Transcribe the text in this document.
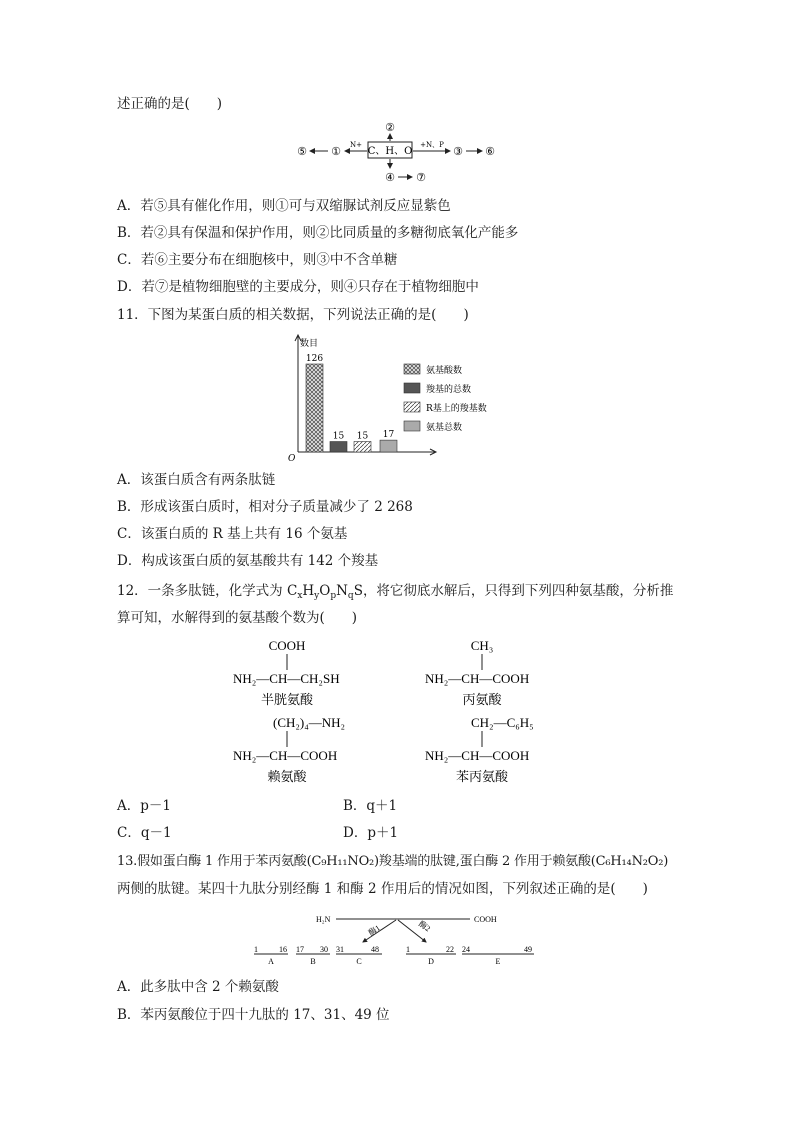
述正确的是(　　)
C、H、O
②
④ ⑦
N+
①
⑤	+N、P ③ ⑥
A．若⑤具有催化作用，则①可与双缩脲试剂反应显紫色
B．若②具有保温和保护作用，则②比同质量的多糖彻底氧化产能多
C．若⑥主要分布在细胞核中，则③中不含单糖
D．若⑦是植物细胞壁的主要成分，则④只存在于植物细胞中
11．下图为某蛋白质的相关数据，下列说法正确的是(　　)
数目
O
126
15 15 17
氨基酸数
羧基的总数
R基上的羧基数
氨基总数
A．该蛋白质含有两条肽链
B．形成该蛋白质时，相对分子质量减少了 2 268
C．该蛋白质的 R 基上共有 16 个氨基
D．构成该蛋白质的氨基酸共有 142 个羧基
12．一条多肽链，化学式为 $C_xH_yO_pN_qS$，将它彻底水解后，只得到下列四种氨基酸，分析推
算可知，水解得到的氨基酸个数为(　　)
COOH
NH₂—CH—CH₂SH
半胱氨酸
CH₃
NH₂—CH—COOH
丙氨酸
(CH₂)₄—NH₂
NH₂—CH—COOH
赖氨酸
CH₂—C₆H₅
NH₂—CH—COOH
苯丙氨酸
A．p－1	B．q＋1
C．q－1	D．p＋1
13.假如蛋白酶 1 作用于苯丙氨酸(C₉H₁₁NO₂)羧基端的肽键,蛋白酶 2 作用于赖氨酸(C₆H₁₄N₂O₂)
两侧的肽键。某四十九肽分别经酶 1 和酶 2 作用后的情况如图，下列叙述正确的是(　　)
H₂N	COOH
酶1	酶2
1	16
A
17 30
B
31	48
C
1	22
D
24	49
E
A．此多肽中含 2 个赖氨酸
B．苯丙氨酸位于四十九肽的 17、31、49 位
